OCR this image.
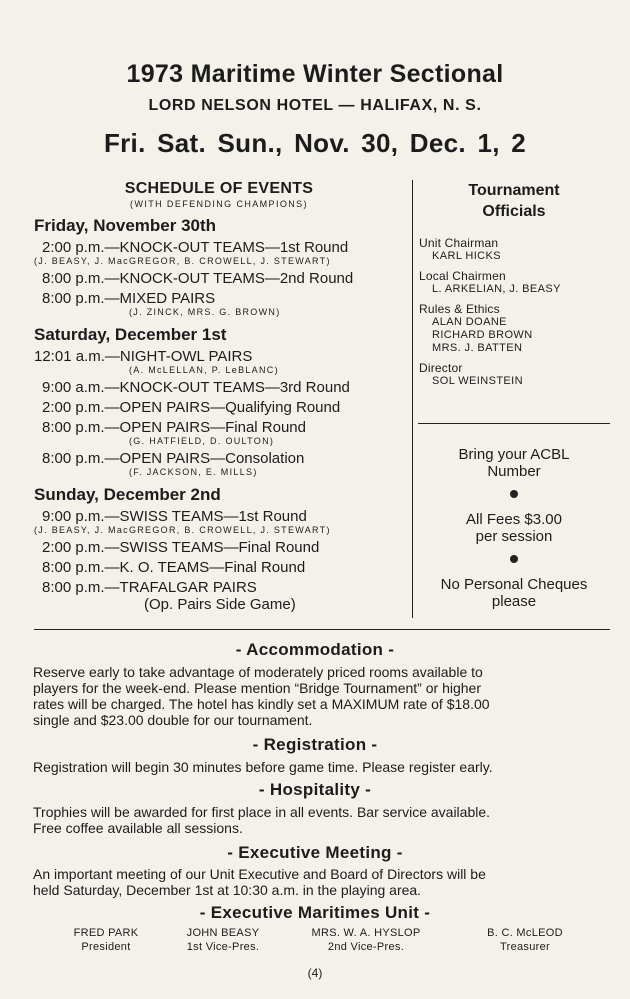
1973 Maritime Winter Sectional
LORD NELSON HOTEL — HALIFAX, N. S.
Fri. Sat. Sun., Nov. 30, Dec. 1, 2
SCHEDULE OF EVENTS
(WITH DEFENDING CHAMPIONS)
Friday, November 30th
2:00 p.m.—KNOCK-OUT TEAMS—1st Round
(J. BEASY, J. MacGREGOR, B. CROWELL, J. STEWART)
8:00 p.m.—KNOCK-OUT TEAMS—2nd Round
8:00 p.m.—MIXED PAIRS
(J. ZINCK, MRS. G. BROWN)
Saturday, December 1st
12:01 a.m.—NIGHT-OWL PAIRS
(A. McLELLAN, P. LeBLANC)
9:00 a.m.—KNOCK-OUT TEAMS—3rd Round
2:00 p.m.—OPEN PAIRS—Qualifying Round
8:00 p.m.—OPEN PAIRS—Final Round
(G. HATFIELD, D. OULTON)
8:00 p.m.—OPEN PAIRS—Consolation
(F. JACKSON, E. MILLS)
Sunday, December 2nd
9:00 p.m.—SWISS TEAMS—1st Round
(J. BEASY, J. MacGREGOR, B. CROWELL, J. STEWART)
2:00 p.m.—SWISS TEAMS—Final Round
8:00 p.m.—K. O. TEAMS—Final Round
8:00 p.m.—TRAFALGAR PAIRS
(Op. Pairs Side Game)
Tournament
Officials
Unit Chairman
KARL HICKS
Local Chairmen
L. ARKELIAN, J. BEASY
Rules & Ethics
ALAN DOANE
RICHARD BROWN
MRS. J. BATTEN
Director
SOL WEINSTEIN
Bring your ACBL
Number
All Fees $3.00
per session
No Personal Cheques
please
- Accommodation -
Reserve early to take advantage of moderately priced rooms available to
players for the week-end. Please mention “Bridge Tournament” or higher
rates will be charged. The hotel has kindly set a MAXIMUM rate of $18.00
single and $23.00 double for our tournament.
- Registration -
Registration will begin 30 minutes before game time. Please register early.
- Hospitality -
Trophies will be awarded for first place in all events. Bar service available.
Free coffee available all sessions.
- Executive Meeting -
An important meeting of our Unit Executive and Board of Directors will be
held Saturday, December 1st at 10:30 a.m. in the playing area.
- Executive Maritimes Unit -
FRED PARK
President
JOHN BEASY
1st Vice-Pres.
MRS. W. A. HYSLOP
2nd Vice-Pres.
B. C. McLEOD
Treasurer
(4)
